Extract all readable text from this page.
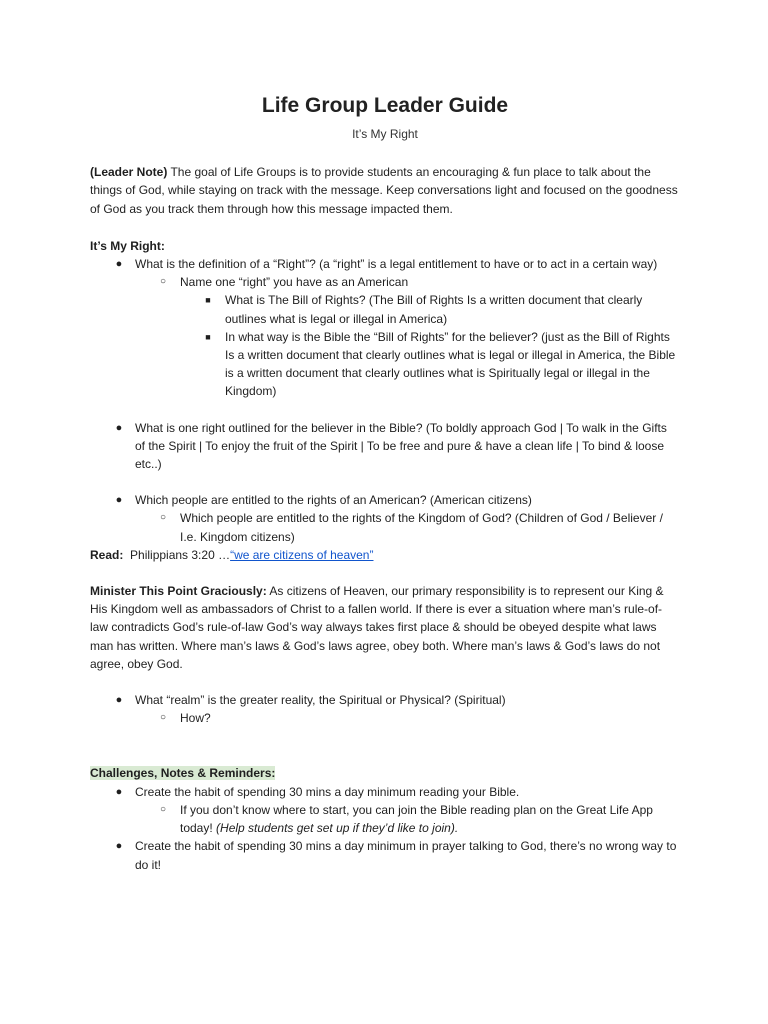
Life Group Leader Guide
It’s My Right

(Leader Note) The goal of Life Groups is to provide students an encouraging & fun place to talk about the things of God, while staying on track with the message. Keep conversations light and focused on the goodness of God as you track them through how this message impacted them.

It’s My Right:

●	What is the definition of a “Right”? (a “right” is a legal entitlement to have or to act in a certain way)
○	Name one “right” you have as an American
■	What is The Bill of Rights? (The Bill of Rights Is a written document that clearly outlines what is legal or illegal in America)
■	In what way is the Bible the “Bill of Rights” for the believer? (just as the Bill of Rights Is a written document that clearly outlines what is legal or illegal in America, the Bible is a written document that clearly outlines what is Spiritually legal or illegal in the Kingdom)
●	What is one right outlined for the believer in the Bible? (To boldly approach God | To walk in the Gifts of the Spirit | To enjoy the fruit of the Spirit | To be free and pure & have a clean life | To bind & loose etc..)
●	Which people are entitled to the rights of an American? (American citizens)
○	Which people are entitled to the rights of the Kingdom of God? (Children of God / Believer / I.e. Kingdom citizens)

Read:  Philippians 3:20 …“we are citizens of heaven”

Minister This Point Graciously: As citizens of Heaven, our primary responsibility is to represent our King & His Kingdom well as ambassadors of Christ to a fallen world. If there is ever a situation where man’s rule-of-law contradicts God’s rule-of-law God’s way always takes first place & should be obeyed despite what laws man has written. Where man’s laws & God’s laws agree, obey both. Where man’s laws & God’s laws do not agree, obey God.

●	What “realm” is the greater reality, the Spiritual or Physical? (Spiritual)
○	How?

Challenges, Notes & Reminders:

●	Create the habit of spending 30 mins a day minimum reading your Bible.
○	If you don’t know where to start, you can join the Bible reading plan on the Great Life App today! (Help students get set up if they’d like to join).
●	Create the habit of spending 30 mins a day minimum in prayer talking to God, there’s no wrong way to do it!
